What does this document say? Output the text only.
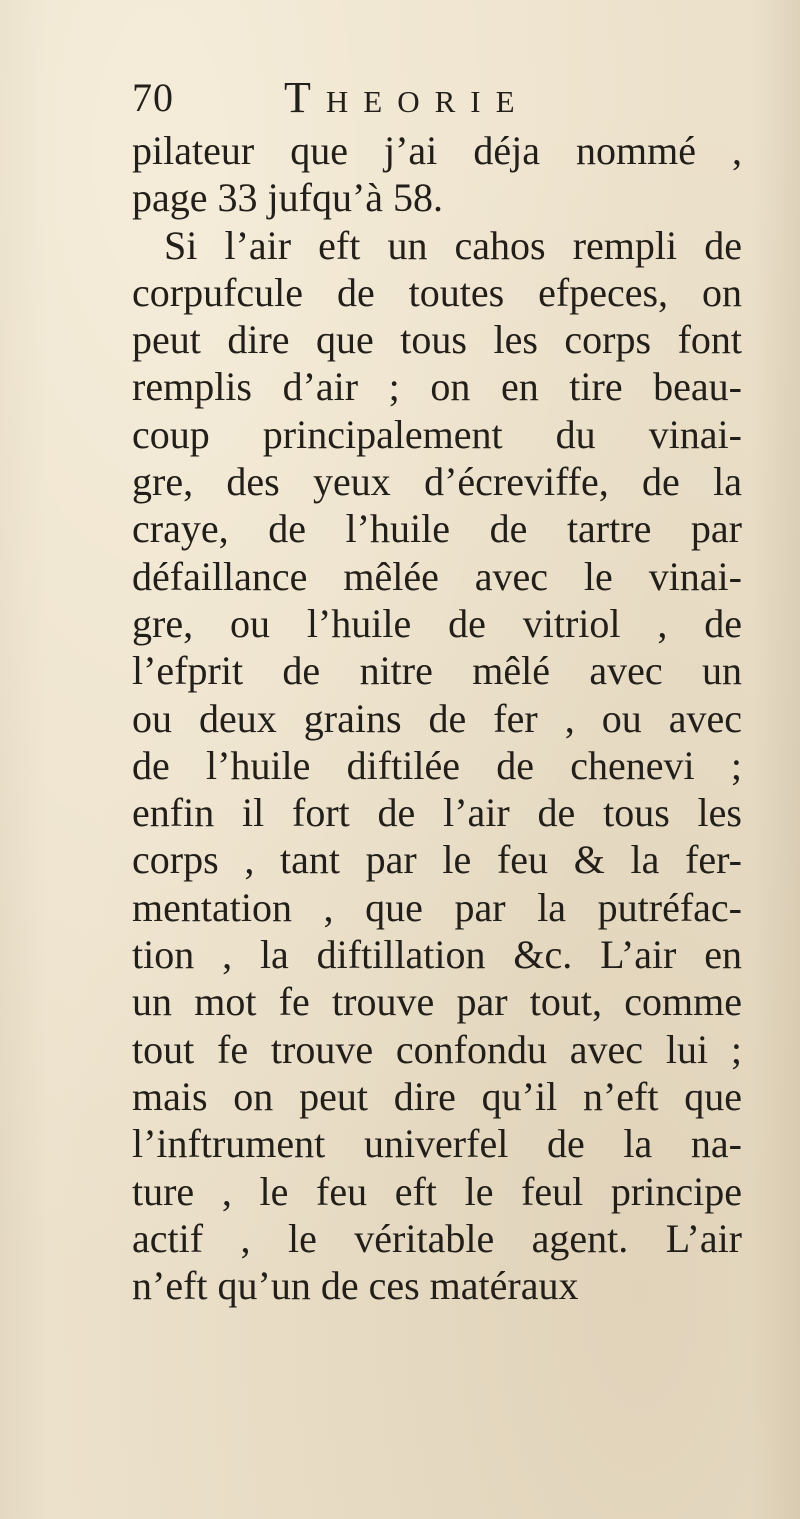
70	THEORIE
pilateur que j’ai déja nommé ,
page 33 jufqu’à 58.
Si l’air eft un cahos rempli de
corpufcule de toutes efpeces, on
peut dire que tous les corps font
remplis d’air ; on en tire beau-
coup principalement du vinai-
gre, des yeux d’écreviffe, de la
craye, de l’huile de tartre par
défaillance mêlée avec le vinai-
gre, ou l’huile de vitriol , de
l’efprit de nitre mêlé avec un
ou deux grains de fer , ou avec
de l’huile diftilée de chenevi ;
enfin il fort de l’air de tous les
corps , tant par le feu & la fer-
mentation , que par la putréfac-
tion , la diftillation &c. L’air en
un mot fe trouve par tout, comme
tout fe trouve confondu avec lui ;
mais on peut dire qu’il n’eft que
l’inftrument univerfel de la na-
ture , le feu eft le feul principe
actif , le véritable agent. L’air
n’eft qu’un de ces matéraux
